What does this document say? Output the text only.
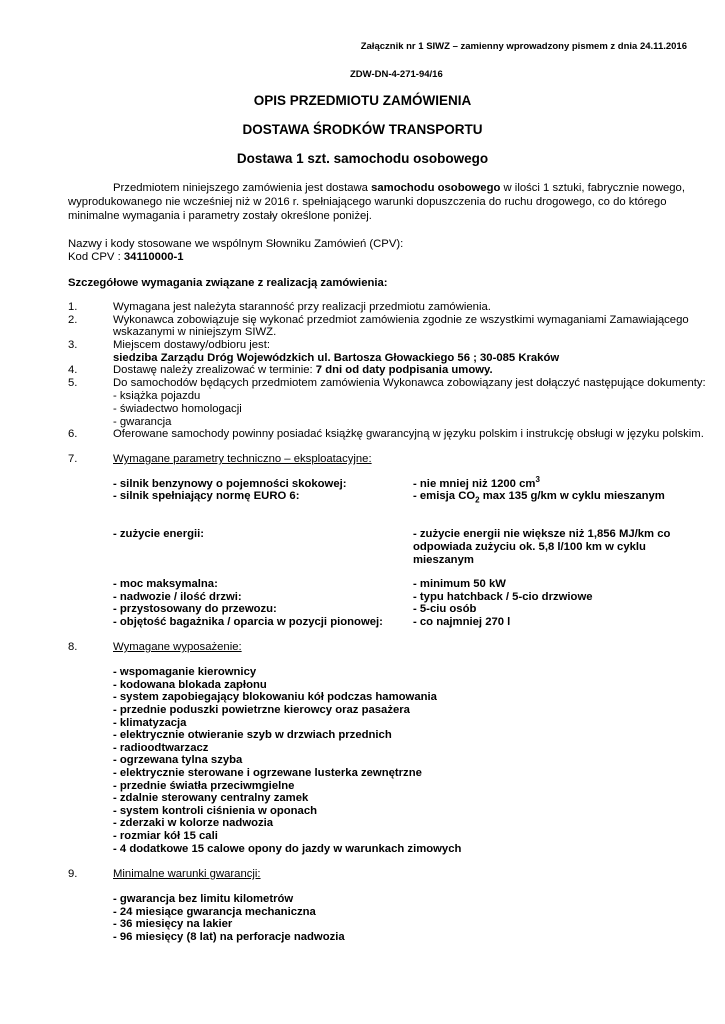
Załącznik nr 1 SIWZ – zamienny wprowadzony pismem z dnia 24.11.2016
ZDW-DN-4-271-94/16
OPIS PRZEDMIOTU ZAMÓWIENIA
DOSTAWA ŚRODKÓW TRANSPORTU
Dostawa 1 szt. samochodu osobowego
Przedmiotem niniejszego zamówienia jest dostawa samochodu osobowego w ilości 1 sztuki, fabrycznie nowego,
wyprodukowanego nie wcześniej niż w 2016 r. spełniającego warunki dopuszczenia do ruchu drogowego, co do którego
minimalne wymagania i parametry zostały określone poniżej.
Nazwy i kody stosowane we wspólnym Słowniku Zamówień (CPV):
Kod CPV : 34110000-1
Szczegółowe wymagania związane z realizacją zamówienia:
1.	Wymagana jest należyta staranność przy realizacji przedmiotu zamówienia.
2.	Wykonawca zobowiązuje się wykonać przedmiot zamówienia zgodnie ze wszystkimi wymaganiami Zamawiającego
wskazanymi w niniejszym SIWZ.
3.	Miejscem dostawy/odbioru jest:
siedziba Zarządu Dróg Wojewódzkich ul. Bartosza Głowackiego 56 ; 30-085 Kraków
4.	Dostawę należy zrealizować w terminie: 7 dni od daty podpisania umowy.
5.	Do samochodów będących przedmiotem zamówienia Wykonawca zobowiązany jest dołączyć następujące dokumenty:
- książka pojazdu
- świadectwo homologacji
- gwarancja
6.	Oferowane samochody powinny posiadać książkę gwarancyjną w języku polskim i instrukcję obsługi w języku polskim.
7.	Wymagane parametry techniczno – eksploatacyjne:
- silnik benzynowy o pojemności skokowej:	- nie mniej niż 1200 $cm^3$
- silnik spełniający normę EURO 6:	- emisja $CO_2$ max 135 g/km w cyklu mieszanym
- zużycie energii:	- zużycie energii nie większe niż 1,856 MJ/km co
odpowiada zużyciu ok. 5,8 l/100 km w cyklu
mieszanym
- moc maksymalna:	- minimum 50 kW
- nadwozie / ilość drzwi:	- typu hatchback / 5-cio drzwiowe
- przystosowany do przewozu:	- 5-ciu osób
- objętość bagażnika / oparcia w pozycji pionowej:	- co najmniej 270 l
8.	Wymagane wyposażenie:
- wspomaganie kierownicy
- kodowana blokada zapłonu
- system zapobiegający blokowaniu kół podczas hamowania
- przednie poduszki powietrzne kierowcy oraz pasażera
- klimatyzacja
- elektrycznie otwieranie szyb w drzwiach przednich
- radioodtwarzacz
- ogrzewana tylna szyba
- elektrycznie sterowane i ogrzewane lusterka zewnętrzne
- przednie światła przeciwmgielne
- zdalnie sterowany centralny zamek
- system kontroli ciśnienia w oponach
- zderzaki w kolorze nadwozia
- rozmiar kół 15 cali
- 4 dodatkowe 15 calowe opony do jazdy w warunkach zimowych
9.	Minimalne warunki gwarancji:
- gwarancja bez limitu kilometrów
- 24 miesiące gwarancja mechaniczna
- 36 miesięcy na lakier
- 96 miesięcy (8 lat) na perforacje nadwozia
